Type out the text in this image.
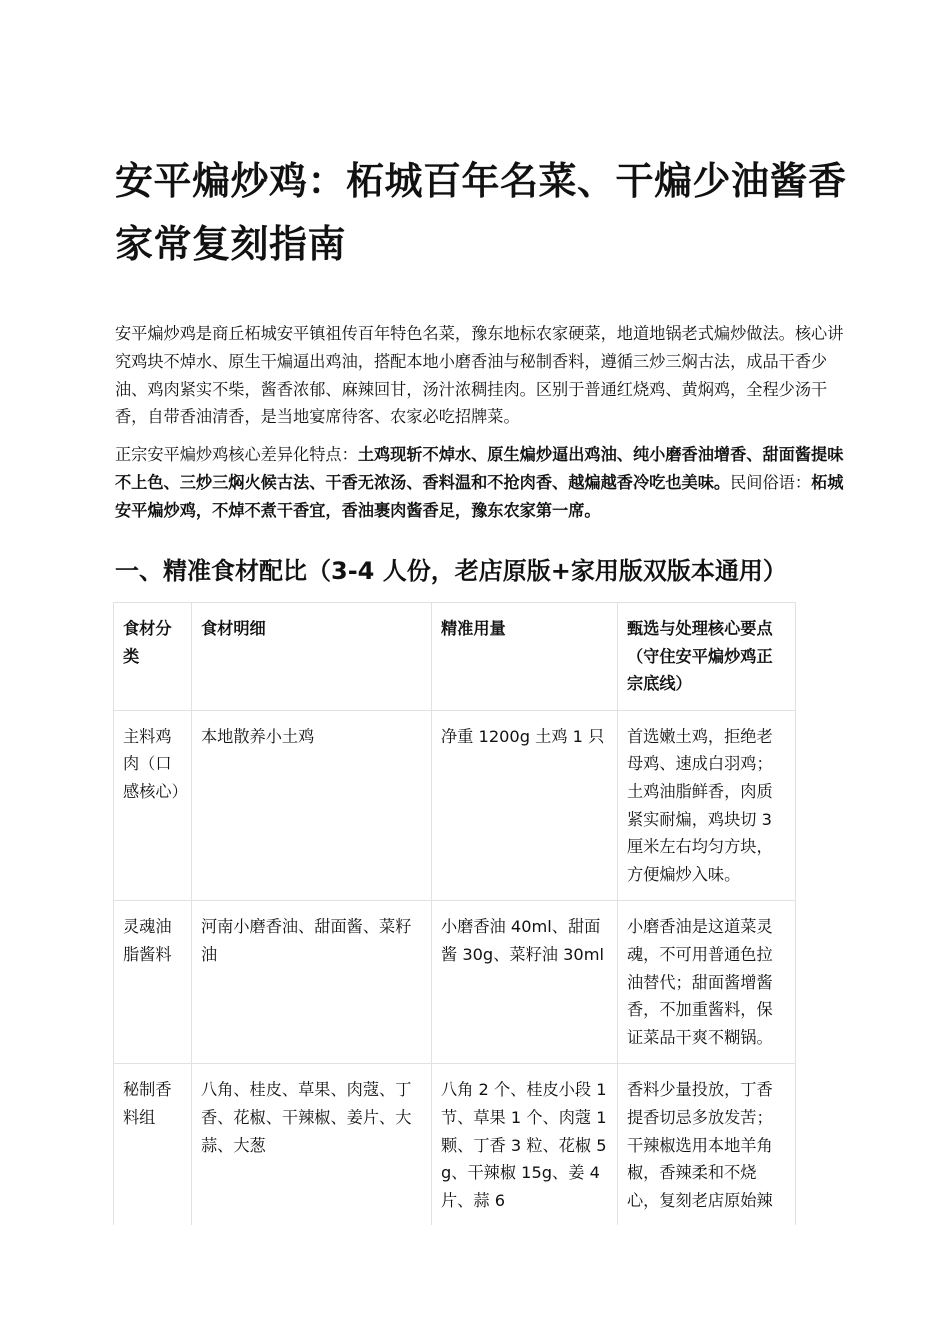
安平煸炒鸡：柘城百年名菜、干煸少油酱香家常复刻指南

安平煸炒鸡是商丘柘城安平镇祖传百年特色名菜，豫东地标农家硬菜，地道地锅老式煸炒做法。核心讲究鸡块不焯水、原生干煸逼出鸡油，搭配本地小磨香油与秘制香料，遵循三炒三焖古法，成品干香少油、鸡肉紧实不柴，酱香浓郁、麻辣回甘，汤汁浓稠挂肉。区别于普通红烧鸡、黄焖鸡，全程少汤干香，自带香油清香，是当地宴席待客、农家必吃招牌菜。

正宗安平煸炒鸡核心差异化特点：土鸡现斩不焯水、原生煸炒逼出鸡油、纯小磨香油增香、甜面酱提味不上色、三炒三焖火候古法、干香无浓汤、香料温和不抢肉香、越煸越香冷吃也美味。民间俗语：柘城安平煸炒鸡，不焯不煮干香宜，香油裹肉酱香足，豫东农家第一席。

一、精准食材配比（3-4 人份，老店原版+家用版双版本通用）
食材分类	食材明细	精准用量	甄选与处理核心要点（守住安平煸炒鸡正宗底线）
主料鸡肉（口感核心）	本地散养小土鸡	净重 1200g 土鸡 1 只	首选嫩土鸡，拒绝老母鸡、速成白羽鸡；土鸡油脂鲜香，肉质紧实耐煸，鸡块切 3 厘米左右均匀方块，方便煸炒入味。
灵魂油脂酱料	河南小磨香油、甜面酱、菜籽油	小磨香油 40ml、甜面酱 30g、菜籽油 30ml	小磨香油是这道菜灵魂，不可用普通色拉油替代；甜面酱增酱香，不加重酱料，保证菜品干爽不糊锅。
秘制香料组	八角、桂皮、草果、肉蔻、丁香、花椒、干辣椒、姜片、大蒜、大葱	八角 2 个、桂皮小段 1 节、草果 1 个、肉蔻 1 颗、丁香 3 粒、花椒 5g、干辣椒 15g、姜 4 片、蒜 6	香料少量投放，丁香提香切忌多放发苦；干辣椒选用本地羊角椒，香辣柔和不烧心，复刻老店原始辣
